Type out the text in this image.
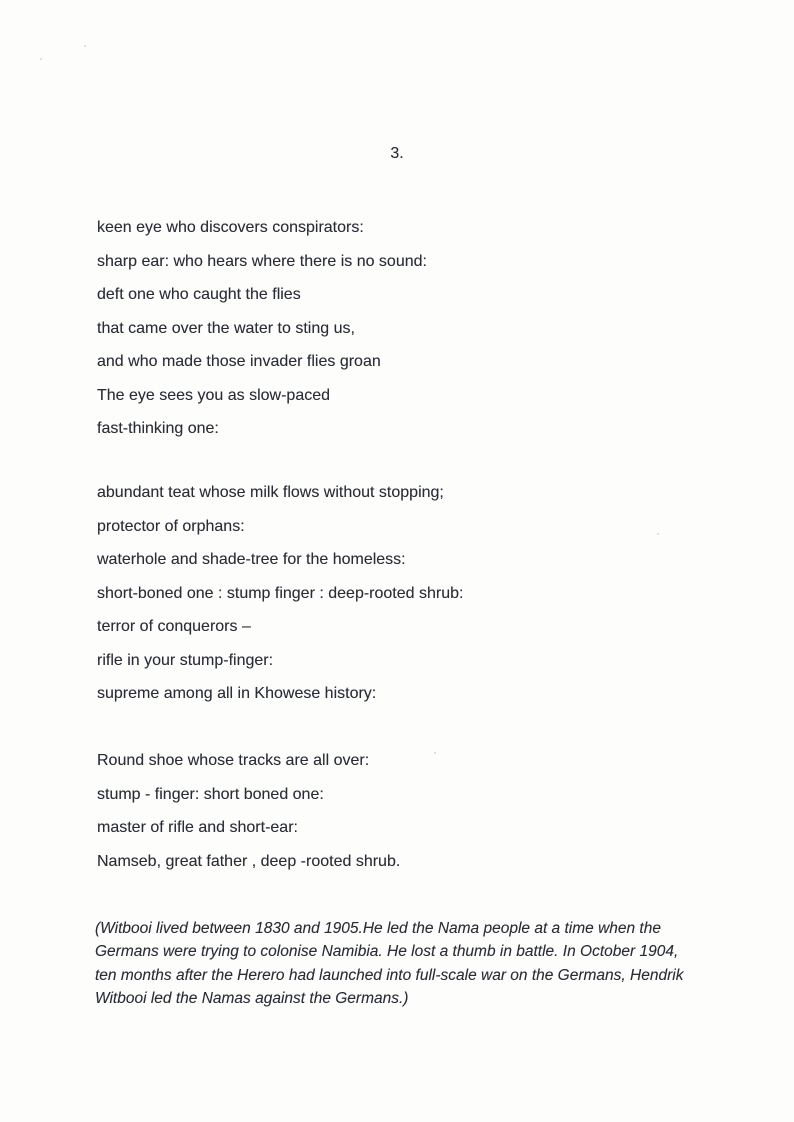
3.
keen eye who discovers conspirators:
sharp ear: who hears where there is no sound:
deft one who caught the flies
that came over the water to sting us,
and who made those invader flies groan
The eye sees you as slow-paced
fast-thinking one:
abundant teat whose milk flows without stopping;
protector of orphans:
waterhole and shade-tree for the homeless:
short-boned one : stump finger : deep-rooted shrub:
terror of conquerors –
rifle in your stump-finger:
supreme among all in Khowese history:
Round shoe whose tracks are all over:
stump - finger: short boned one:
master of rifle and short-ear:
Namseb, great father , deep -rooted shrub.
(Witbooi lived between 1830 and 1905.He led the Nama people at a time when the
Germans were trying to colonise Namibia. He lost a thumb in battle. In October 1904,
ten months after the Herero had launched into full-scale war on the Germans, Hendrik
Witbooi led the Namas against the Germans.)
